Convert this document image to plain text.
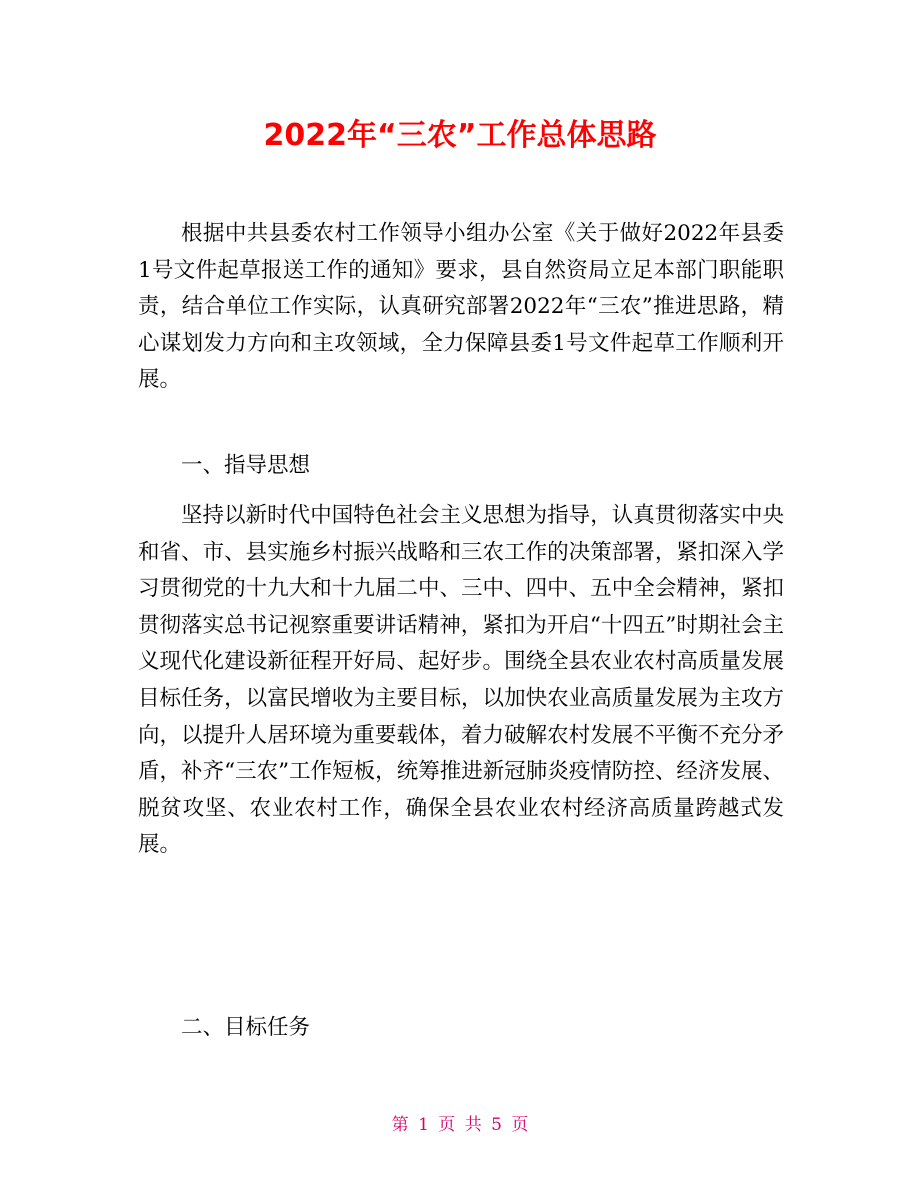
2022年“三农”工作总体思路

根据中共县委农村工作领导小组办公室《关于做好2022年县委1号文件起草报送工作的通知》要求，县自然资局立足本部门职能职责，结合单位工作实际，认真研究部署2022年“三农”推进思路，精心谋划发力方向和主攻领域，全力保障县委1号文件起草工作顺利开展。

一、指导思想

坚持以新时代中国特色社会主义思想为指导，认真贯彻落实中央和省、市、县实施乡村振兴战略和三农工作的决策部署，紧扣深入学习贯彻党的十九大和十九届二中、三中、四中、五中全会精神，紧扣贯彻落实总书记视察重要讲话精神，紧扣为开启“十四五”时期社会主义现代化建设新征程开好局、起好步。围绕全县农业农村高质量发展目标任务，以富民增收为主要目标，以加快农业高质量发展为主攻方向，以提升人居环境为重要载体，着力破解农村发展不平衡不充分矛盾，补齐“三农”工作短板，统筹推进新冠肺炎疫情防控、经济发展、脱贫攻坚、农业农村工作，确保全县农业农村经济高质量跨越式发展。

二、目标任务

第 1 页 共 5 页
